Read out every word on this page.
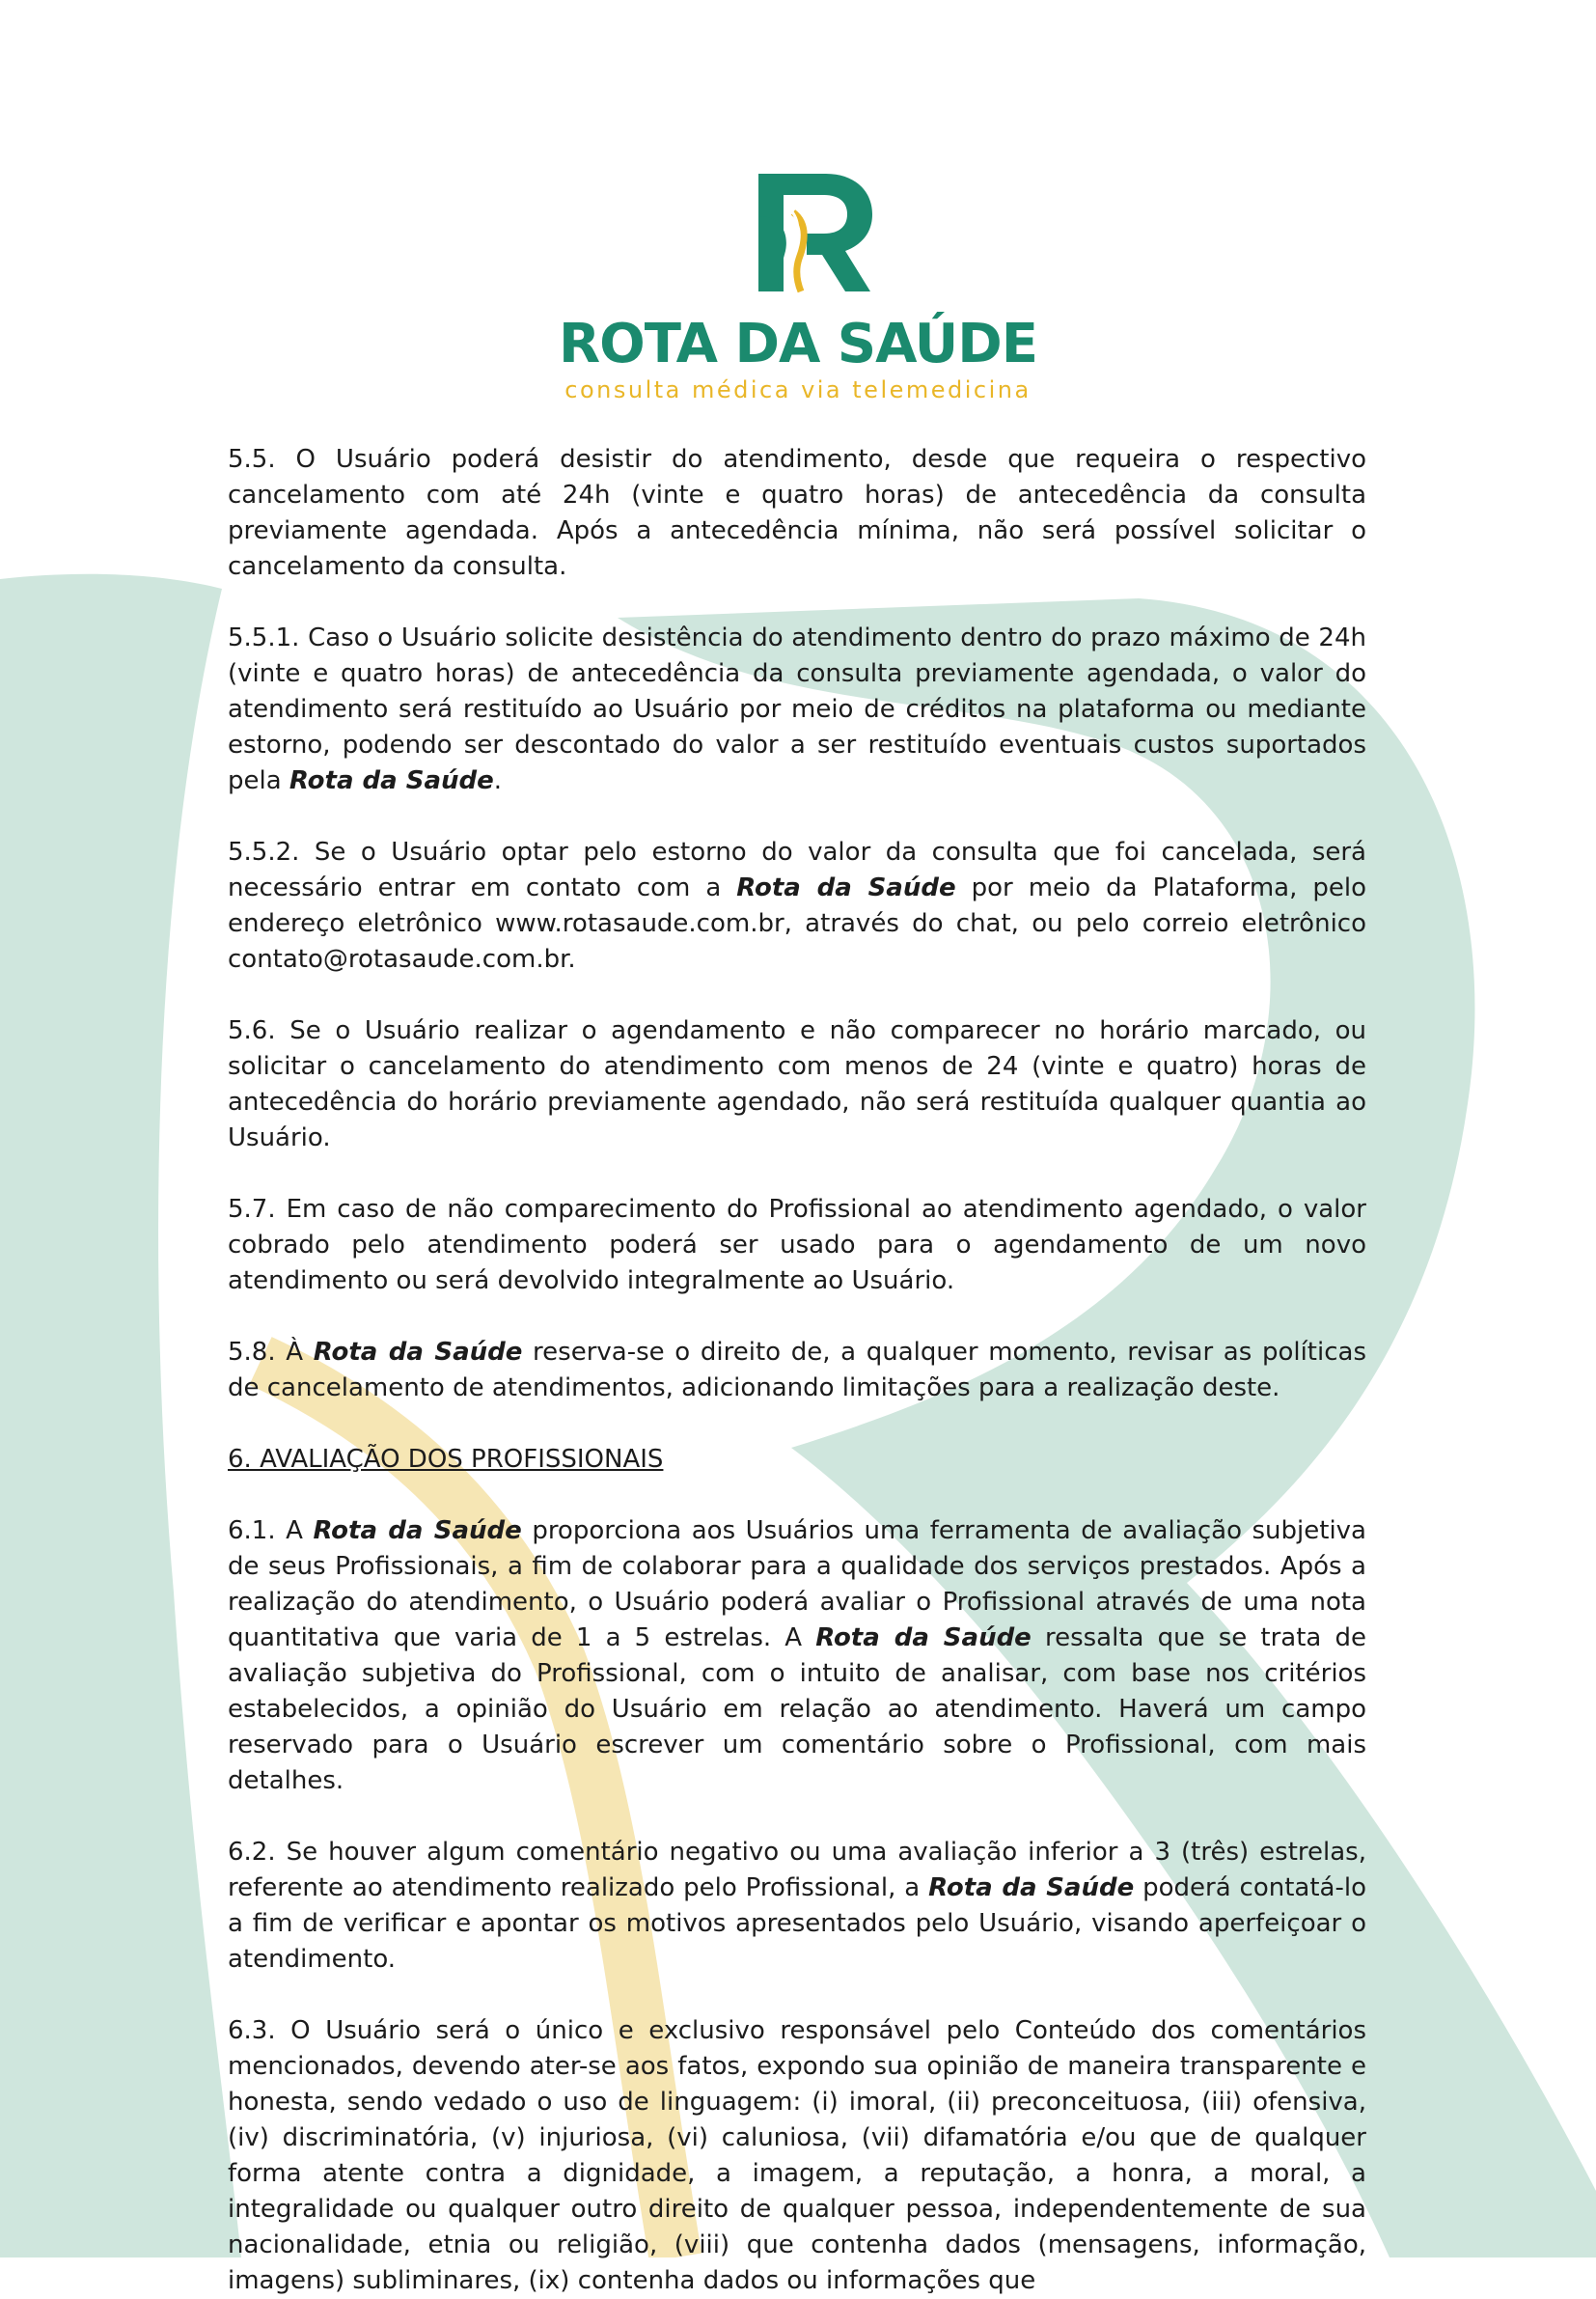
ROTA DA SAÚDE
consulta médica via telemedicina

5.5. O Usuário poderá desistir do atendimento, desde que requeira o respectivo cancelamento com até 24h (vinte e quatro horas) de antecedência da consulta previamente agendada. Após a antecedência mínima, não será possível solicitar o cancelamento da consulta.

5.5.1. Caso o Usuário solicite desistência do atendimento dentro do prazo máximo de 24h (vinte e quatro horas) de antecedência da consulta previamente agendada, o valor do atendimento será restituído ao Usuário por meio de créditos na plataforma ou mediante estorno, podendo ser descontado do valor a ser restituído eventuais custos suportados pela Rota da Saúde.

5.5.2. Se o Usuário optar pelo estorno do valor da consulta que foi cancelada, será necessário entrar em contato com a Rota da Saúde por meio da Plataforma, pelo endereço eletrônico www.rotasaude.com.br, através do chat, ou pelo correio eletrônico contato@rotasaude.com.br.

5.6. Se o Usuário realizar o agendamento e não comparecer no horário marcado, ou solicitar o cancelamento do atendimento com menos de 24 (vinte e quatro) horas de antecedência do horário previamente agendado, não será restituída qualquer quantia ao Usuário.

5.7. Em caso de não comparecimento do Profissional ao atendimento agendado, o valor cobrado pelo atendimento poderá ser usado para o agendamento de um novo atendimento ou será devolvido integralmente ao Usuário.

5.8. À Rota da Saúde reserva-se o direito de, a qualquer momento, revisar as políticas de cancelamento de atendimentos, adicionando limitações para a realização deste.

6. AVALIAÇÃO DOS PROFISSIONAIS

6.1. A Rota da Saúde proporciona aos Usuários uma ferramenta de avaliação subjetiva de seus Profissionais, a fim de colaborar para a qualidade dos serviços prestados. Após a realização do atendimento, o Usuário poderá avaliar o Profissional através de uma nota quantitativa que varia de 1 a 5 estrelas. A Rota da Saúde ressalta que se trata de avaliação subjetiva do Profissional, com o intuito de analisar, com base nos critérios estabelecidos, a opinião do Usuário em relação ao atendimento. Haverá um campo reservado para o Usuário escrever um comentário sobre o Profissional, com mais detalhes.

6.2. Se houver algum comentário negativo ou uma avaliação inferior a 3 (três) estrelas, referente ao atendimento realizado pelo Profissional, a Rota da Saúde poderá contatá-lo a fim de verificar e apontar os motivos apresentados pelo Usuário, visando aperfeiçoar o atendimento.

6.3. O Usuário será o único e exclusivo responsável pelo Conteúdo dos comentários mencionados, devendo ater-se aos fatos, expondo sua opinião de maneira transparente e honesta, sendo vedado o uso de linguagem: (i) imoral, (ii) preconceituosa, (iii) ofensiva, (iv) discriminatória, (v) injuriosa, (vi) caluniosa, (vii) difamatória e/ou que de qualquer forma atente contra a dignidade, a imagem, a reputação, a honra, a moral, a integralidade ou qualquer outro direito de qualquer pessoa, independentemente de sua nacionalidade, etnia ou religião, (viii) que contenha dados (mensagens, informação, imagens) subliminares, (ix) contenha dados ou informações que
